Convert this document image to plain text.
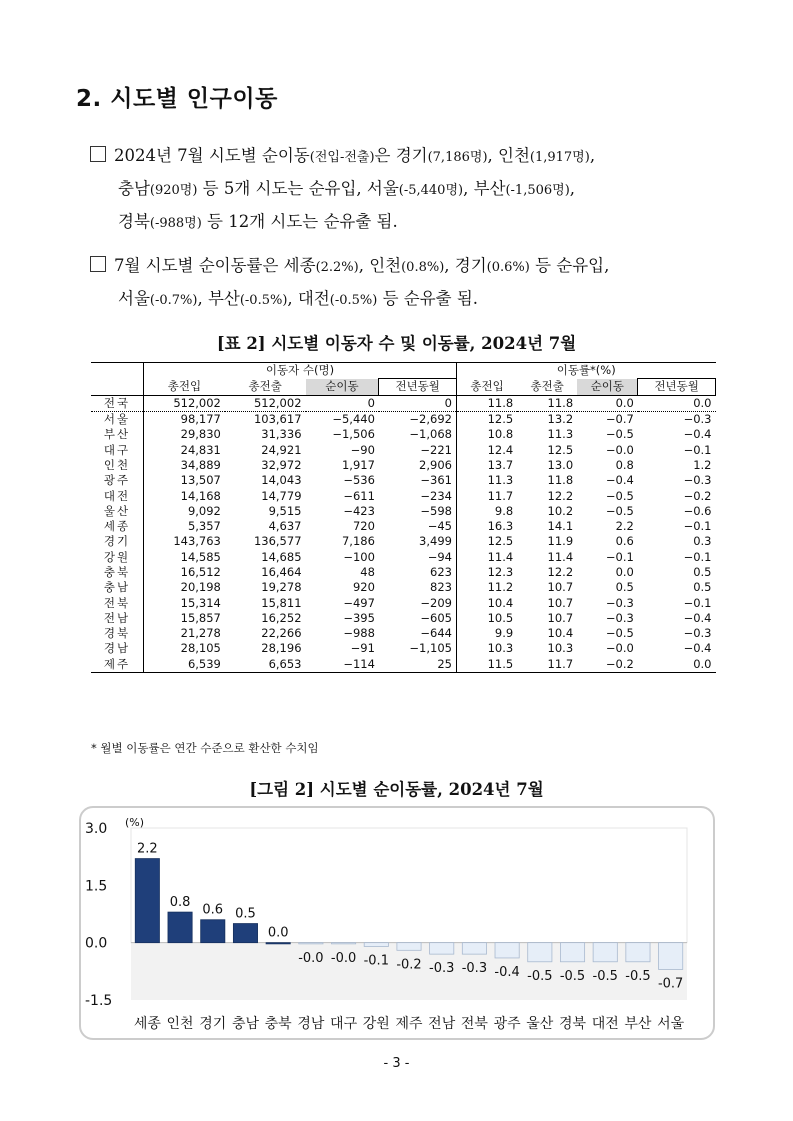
2. 시도별 인구이동
2024년 7월 시도별 순이동(전입-전출)은 경기(7,186명), 인천(1,917명),
충남(920명) 등 5개 시도는 순유입, 서울(-5,440명), 부산(-1,506명),
경북(-988명) 등 12개 시도는 순유출 됨.
7월 시도별 순이동률은 세종(2.2%), 인천(0.8%), 경기(0.6%) 등 순유입,
서울(-0.7%), 부산(-0.5%), 대전(-0.5%) 등 순유출 됨.
[표 2] 시도별 이동자 수 및 이동률, 2024년 7월
	이동자 수(명)				이동률*(%)			
	총전입	총전출	순이동	전년동월	총전입	총전출	순이동	전년동월
전국	512,002	512,002	0	0	11.8	11.8	0.0	0.0
서울	98,177	103,617	−5,440	−2,692	12.5	13.2	−0.7	−0.3
부산	29,830	31,336	−1,506	−1,068	10.8	11.3	−0.5	−0.4
대구	24,831	24,921	−90	−221	12.4	12.5	−0.0	−0.1
인천	34,889	32,972	1,917	2,906	13.7	13.0	0.8	1.2
광주	13,507	14,043	−536	−361	11.3	11.8	−0.4	−0.3
대전	14,168	14,779	−611	−234	11.7	12.2	−0.5	−0.2
울산	9,092	9,515	−423	−598	9.8	10.2	−0.5	−0.6
세종	5,357	4,637	720	−45	16.3	14.1	2.2	−0.1
경기	143,763	136,577	7,186	3,499	12.5	11.9	0.6	0.3
강원	14,585	14,685	−100	−94	11.4	11.4	−0.1	−0.1
충북	16,512	16,464	48	623	12.3	12.2	0.0	0.5
충남	20,198	19,278	920	823	11.2	10.7	0.5	0.5
전북	15,314	15,811	−497	−209	10.4	10.7	−0.3	−0.1
전남	15,857	16,252	−395	−605	10.5	10.7	−0.3	−0.4
경북	21,278	22,266	−988	−644	9.9	10.4	−0.5	−0.3
경남	28,105	28,196	−91	−1,105	10.3	10.3	−0.0	−0.4
제주	6,539	6,653	−114	25	11.5	11.7	−0.2	0.0
* 월별 이동률은 연간 수준으로 환산한 수치임
[그림 2] 시도별 순이동률, 2024년 7월
3.0
1.5
0.0
-1.5
(%)
2.2
세종
0.8
인천
0.6
경기
0.5
충남
0.0
충북
-0.0
경남
-0.0
대구
-0.1
강원
-0.2
제주
-0.3
전남
-0.3
전북
-0.4
광주
-0.5
울산
-0.5
경북
-0.5
대전
-0.5
부산
-0.7
서울
- 3 -
